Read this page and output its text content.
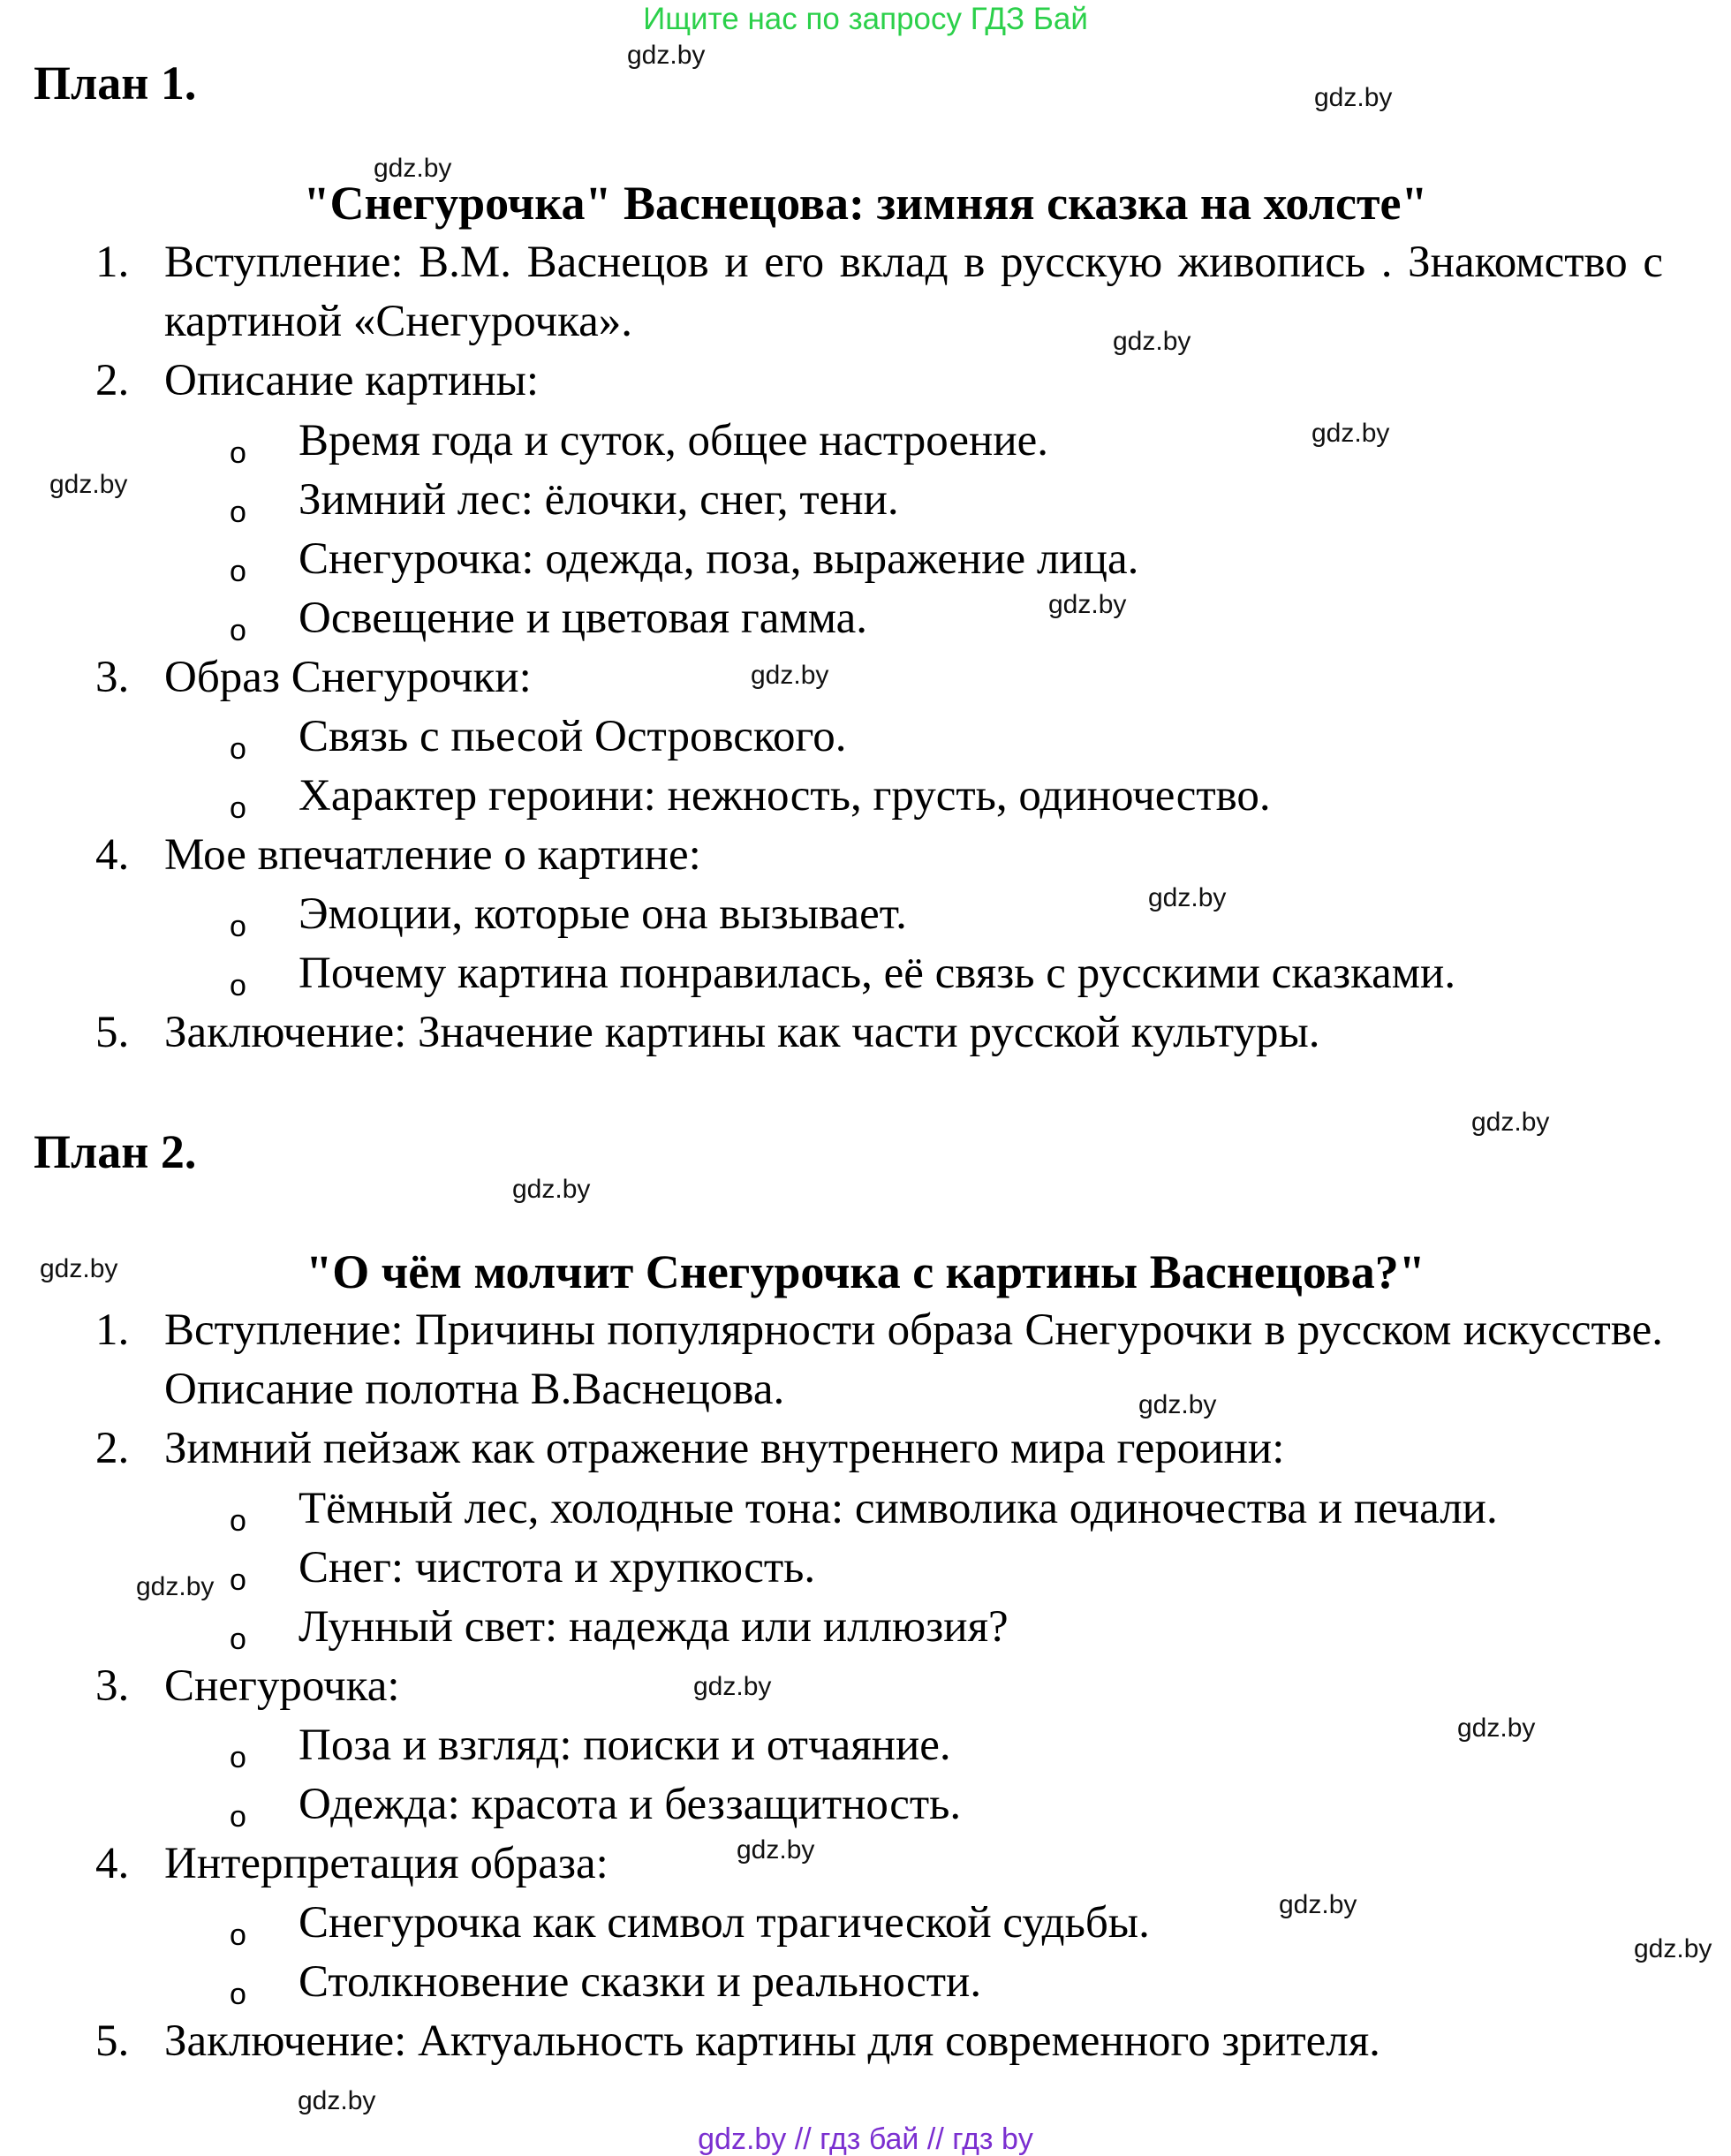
Ищите нас по запросу ГДЗ Бай
План 1.
"Снегурочка" Васнецова: зимняя сказка на холсте"
1. Вступление: В.М. Васнецов и его вклад в русскую живопись . Знакомство с картиной «Снегурочка».
2. Описание картины:
o Время года и суток, общее настроение.
o Зимний лес: ёлочки, снег, тени.
o Снегурочка: одежда, поза, выражение лица.
o Освещение и цветовая гамма.
3. Образ Снегурочки:
o Связь с пьесой Островского.
o Характер героини: нежность, грусть, одиночество.
4. Мое впечатление о картине:
o Эмоции, которые она вызывает.
o Почему картина понравилась, её связь с русскими сказками.
5. Заключение: Значение картины как части русской культуры.
План 2.
"О чём молчит Снегурочка с картины Васнецова?"
1. Вступление: Причины популярности образа Снегурочки в русском искусстве. Описание полотна В.Васнецова.
2. Зимний пейзаж как отражение внутреннего мира героини:
o Тёмный лес, холодные тона: символика одиночества и печали.
o Снег: чистота и хрупкость.
o Лунный свет: надежда или иллюзия?
3. Снегурочка:
o Поза и взгляд: поиски и отчаяние.
o Одежда: красота и беззащитность.
4. Интерпретация образа:
o Снегурочка как символ трагической судьбы.
o Столкновение сказки и реальности.
5. Заключение: Актуальность картины для современного зрителя.
gdz.by
gdz.by
gdz.by
gdz.by
gdz.by
gdz.by
gdz.by
gdz.by
gdz.by
gdz.by
gdz.by
gdz.by
gdz.by
gdz.by
gdz.by
gdz.by
gdz.by
gdz.by
gdz.by
gdz.by
gdz.by // гдз бай // гдз by
